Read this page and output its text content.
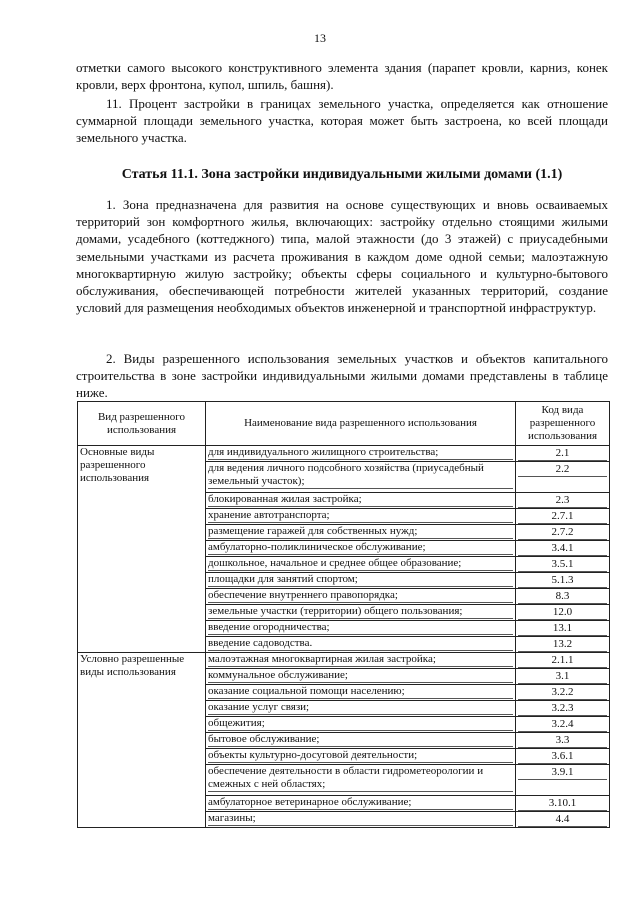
13

отметки самого высокого конструктивного элемента здания (парапет кровли, карниз, конек кровли, верх фронтона, купол, шпиль, башня).

11. Процент застройки в границах земельного участка, определяется как отношение суммарной площади земельного участка, которая может быть застроена, ко всей площади земельного участка.

Статья 11.1. Зона застройки индивидуальными жилыми домами (1.1)

1. Зона предназначена для развития на основе существующих и вновь осваиваемых территорий зон комфортного жилья, включающих: застройку отдельно стоящими жилыми домами, усадебного (коттеджного) типа, малой этажности (до 3 этажей) с приусадебными земельными участками из расчета проживания в каждом доме одной семьи; малоэтажную многоквартирную жилую застройку; объекты сферы социального и культурно-бытового обслуживания, обеспечивающей потребности жителей указанных территорий, создание условий для размещения необходимых объектов инженерной и транспортной инфраструктур.

2. Виды разрешенного использования земельных участков и объектов капитального строительства в зоне застройки индивидуальными жилыми домами представлены в таблице ниже.

Вид разрешенного использования	Наименование вида разрешенного использования	Код вида разрешенного использования
Основные виды разрешенного использования	для индивидуального жилищного строительства;	2.1

	для ведения личного подсобного хозяйства (приусадебный земельный участок);	2.2

	блокированная жилая застройка;	2.3

	хранение автотранспорта;	2.7.1

	размещение гаражей для собственных нужд;	2.7.2

	амбулаторно-поликлиническое обслуживание;	3.4.1

	дошкольное, начальное и среднее общее образование;	3.5.1

	площадки для занятий спортом;	5.1.3

	обеспечение внутреннего правопорядка;	8.3

	земельные участки (территории) общего пользования;	12.0

	введение огородничества;	13.1

	введение садоводства.	13.2

Условно разрешенные виды использования	малоэтажная многоквартирная жилая застройка;	2.1.1

	коммунальное обслуживание;	3.1

	оказание социальной помощи населению;	3.2.2

	оказание услуг связи;	3.2.3

	общежития;	3.2.4

	бытовое обслуживание;	3.3

	объекты культурно-досуговой деятельности;	3.6.1

	обеспечение деятельности в области гидрометеорологии и смежных с ней областях;	3.9.1

	амбулаторное ветеринарное обслуживание;	3.10.1

	магазины;	4.4
